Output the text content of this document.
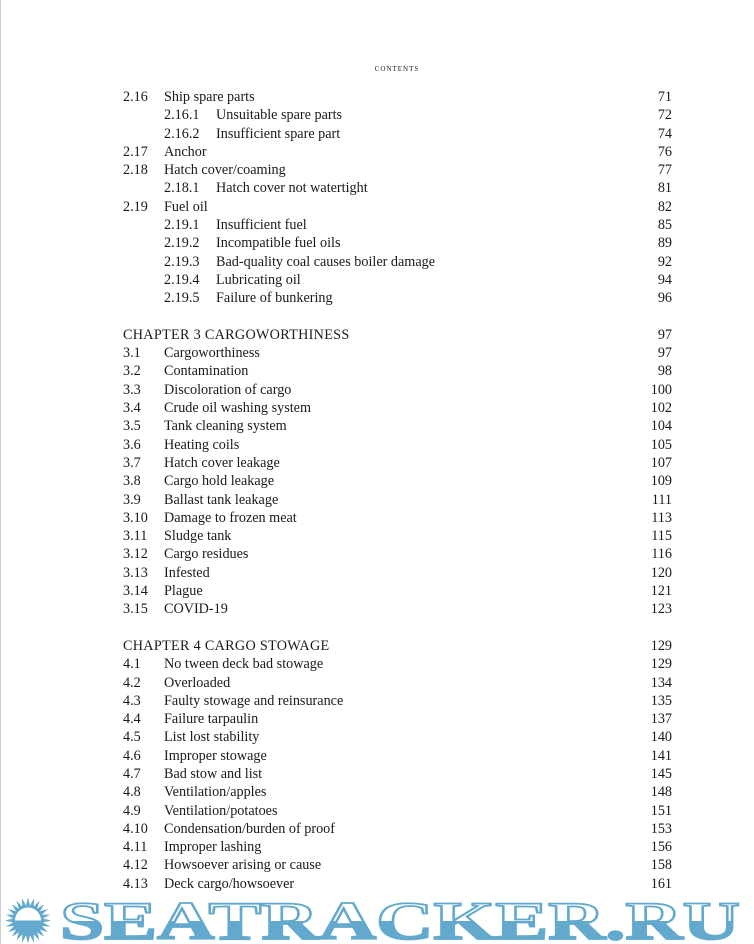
contents
2.16 Ship spare parts	71
2.16.1 Unsuitable spare parts	72
2.16.2 Insufficient spare part	74
2.17 Anchor	76
2.18 Hatch cover/coaming	77
2.18.1 Hatch cover not watertight	81
2.19 Fuel oil	82
2.19.1 Insufficient fuel	85
2.19.2 Incompatible fuel oils	89
2.19.3 Bad-quality coal causes boiler damage	92
2.19.4 Lubricating oil	94
2.19.5 Failure of bunkering	96
CHAPTER 3 CARGOWORTHINESS	97
3.1 Cargoworthiness	97
3.2 Contamination	98
3.3 Discoloration of cargo	100
3.4 Crude oil washing system	102
3.5 Tank cleaning system	104
3.6 Heating coils	105
3.7 Hatch cover leakage	107
3.8 Cargo hold leakage	109
3.9 Ballast tank leakage	111
3.10 Damage to frozen meat	113
3.11 Sludge tank	115
3.12 Cargo residues	116
3.13 Infested	120
3.14 Plague	121
3.15 COVID-19	123
CHAPTER 4 CARGO STOWAGE	129
4.1 No tween deck bad stowage	129
4.2 Overloaded	134
4.3 Faulty stowage and reinsurance	135
4.4 Failure tarpaulin	137
4.5 List lost stability	140
4.6 Improper stowage	141
4.7 Bad stow and list	145
4.8 Ventilation/apples	148
4.9 Ventilation/potatoes	151
4.10 Condensation/burden of proof	153
4.11 Improper lashing	156
4.12 Howsoever arising or cause	158
4.13 Deck cargo/howsoever	161
SEATRACKER.RU
